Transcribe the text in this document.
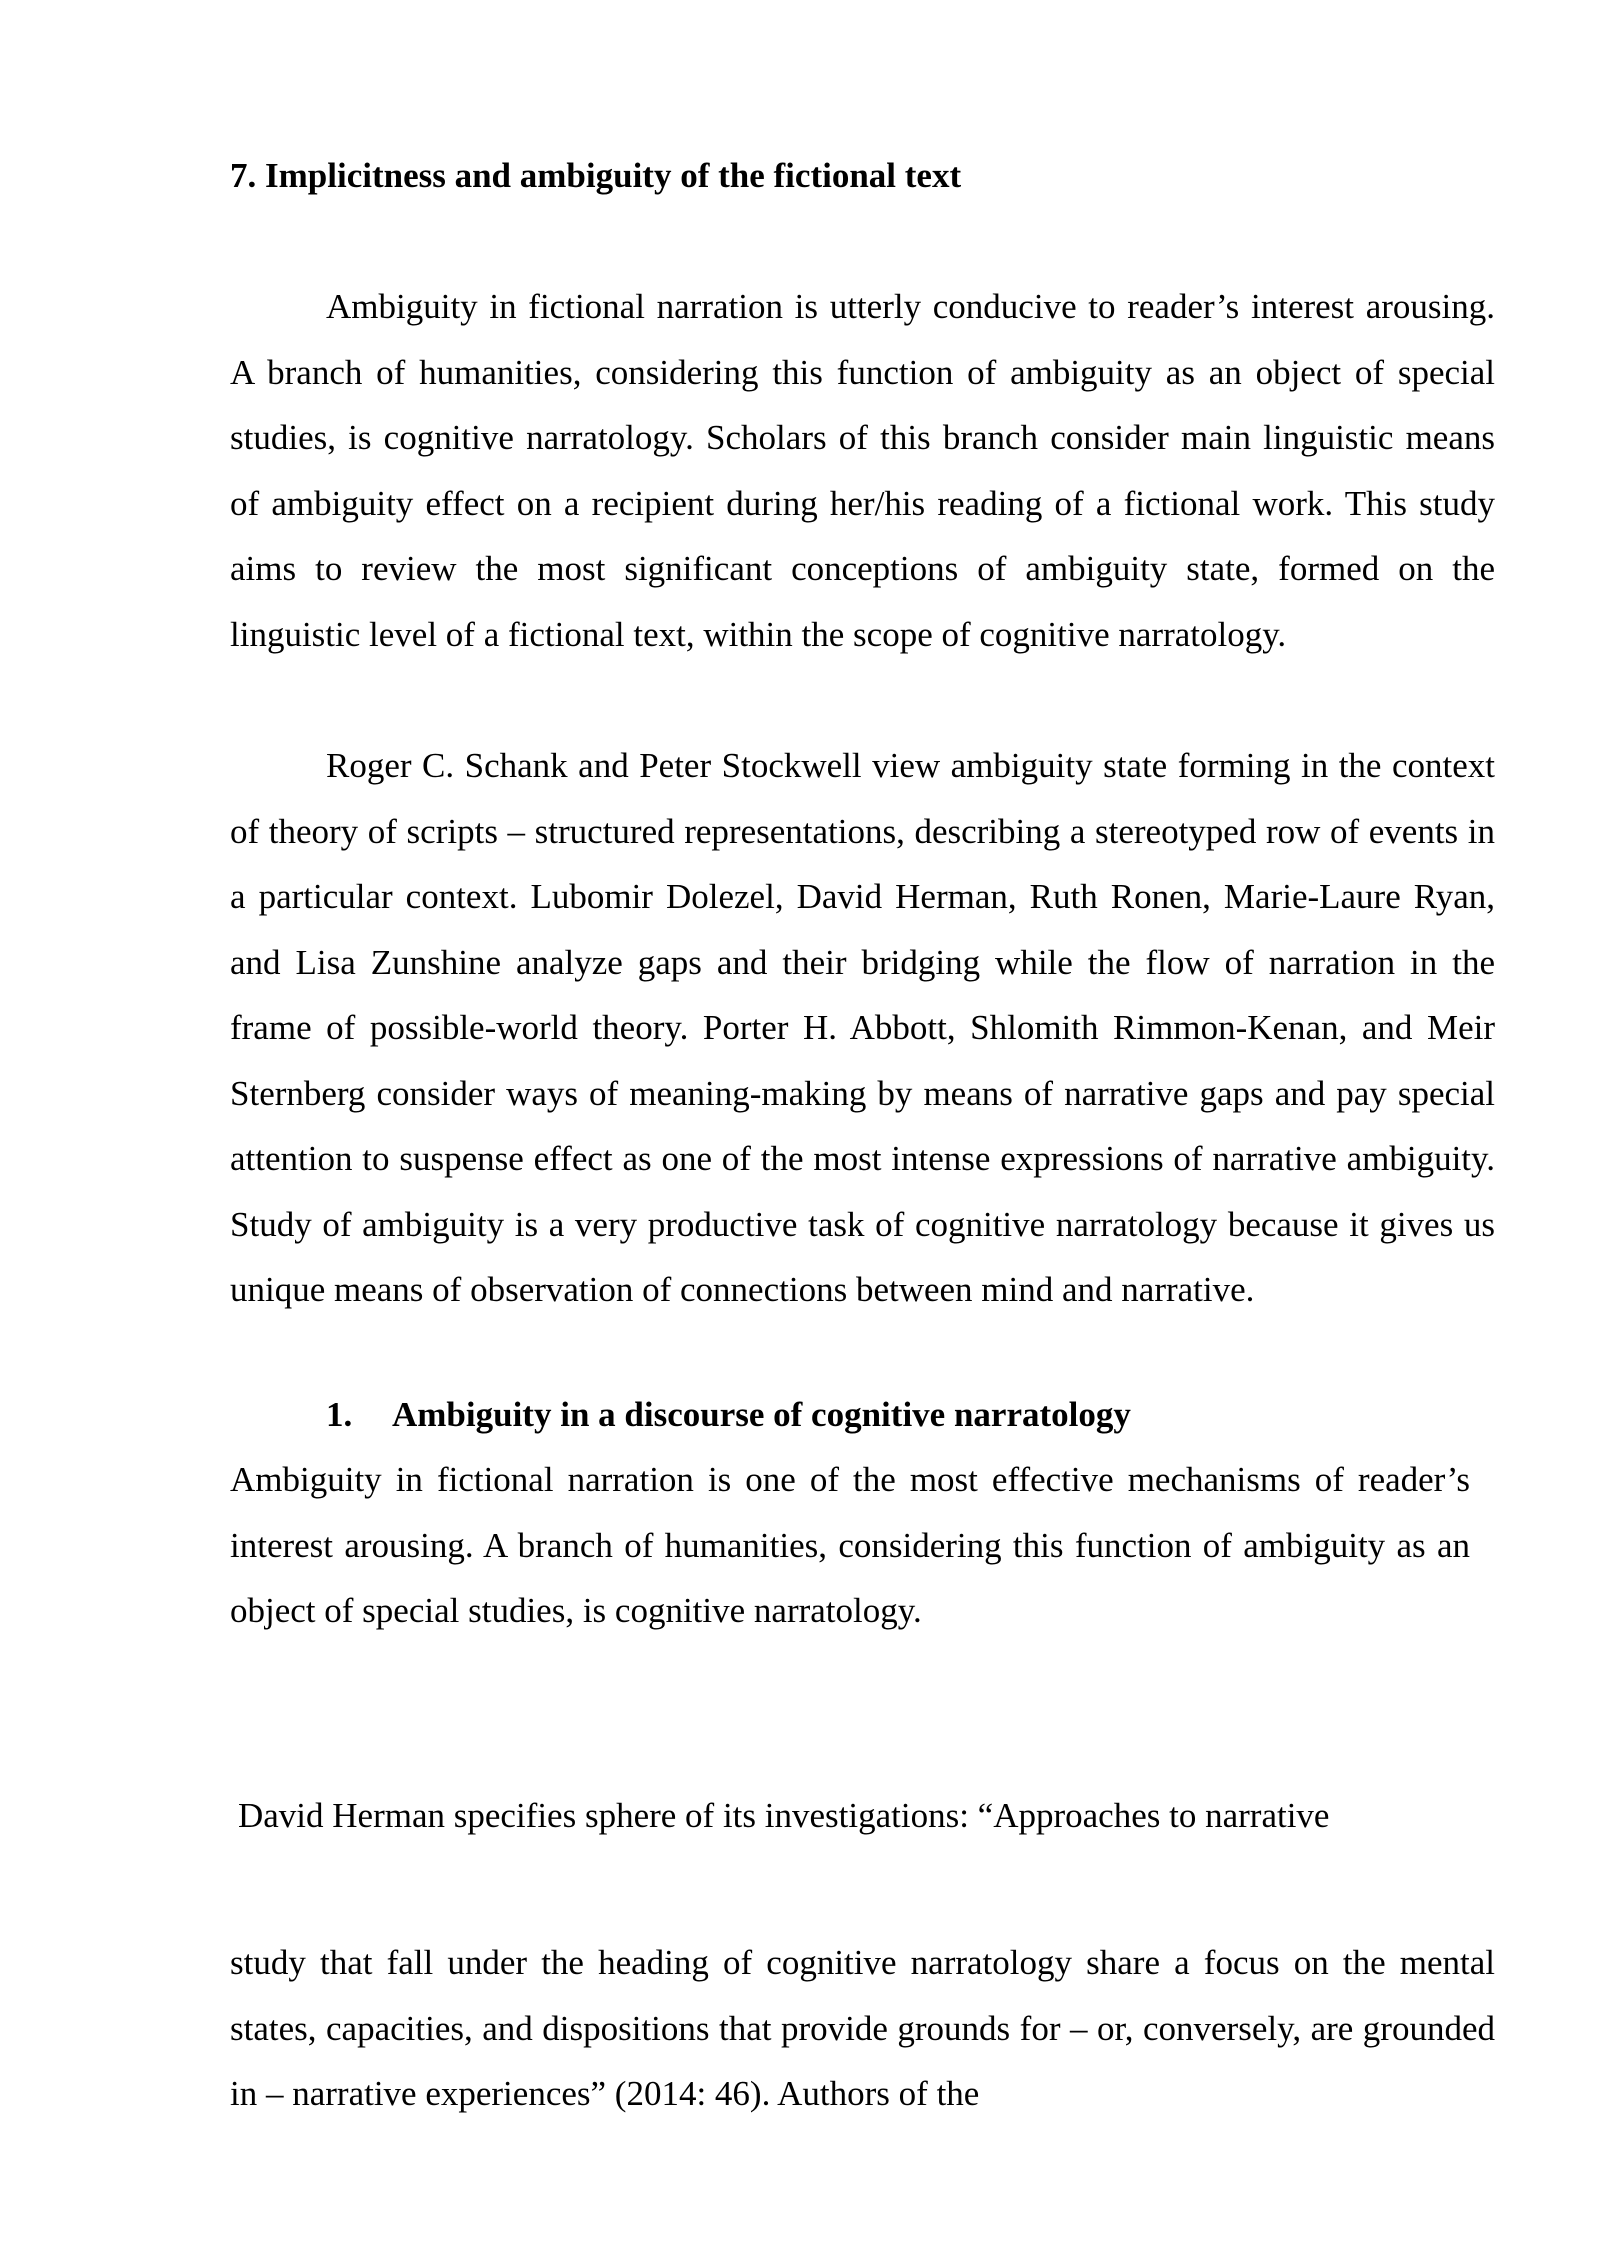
7. Implicitness and ambiguity of the fictional text

Ambiguity in fictional narration is utterly conducive to reader’s interest arousing. A branch of humanities, considering this function of ambiguity as an object of special studies, is cognitive narratology. Scholars of this branch consider main linguistic means of ambiguity effect on a recipient during her/his reading of a fictional work. This study aims to review the most significant conceptions of ambiguity state, formed on the linguistic level of a fictional text, within the scope of cognitive narratology.

Roger C. Schank and Peter Stockwell view ambiguity state forming in the context of theory of scripts – structured representations, describing a stereotyped row of events in a particular context. Lubomir Dolezel, David Herman, Ruth Ronen, Marie-Laure Ryan, and Lisa Zunshine analyze gaps and their bridging while the flow of narration in the frame of possible-world theory. Porter H. Abbott, Shlomith Rimmon-Kenan, and Meir Sternberg consider ways of meaning-making by means of narrative gaps and pay special attention to suspense effect as one of the most intense expressions of narrative ambiguity. Study of ambiguity is a very productive task of cognitive narratology because it gives us unique means of observation of connections between mind and narrative.

1. Ambiguity in a discourse of cognitive narratology

Ambiguity in fictional narration is one of the most effective mechanisms of reader’s interest arousing. A branch of humanities, considering this function of ambiguity as an object of special studies, is cognitive narratology.

David Herman specifies sphere of its investigations: “Approaches to narrative

study that fall under the heading of cognitive narratology share a focus on the mental states, capacities, and dispositions that provide grounds for – or, conversely, are grounded in – narrative experiences” (2014: 46). Authors of the
